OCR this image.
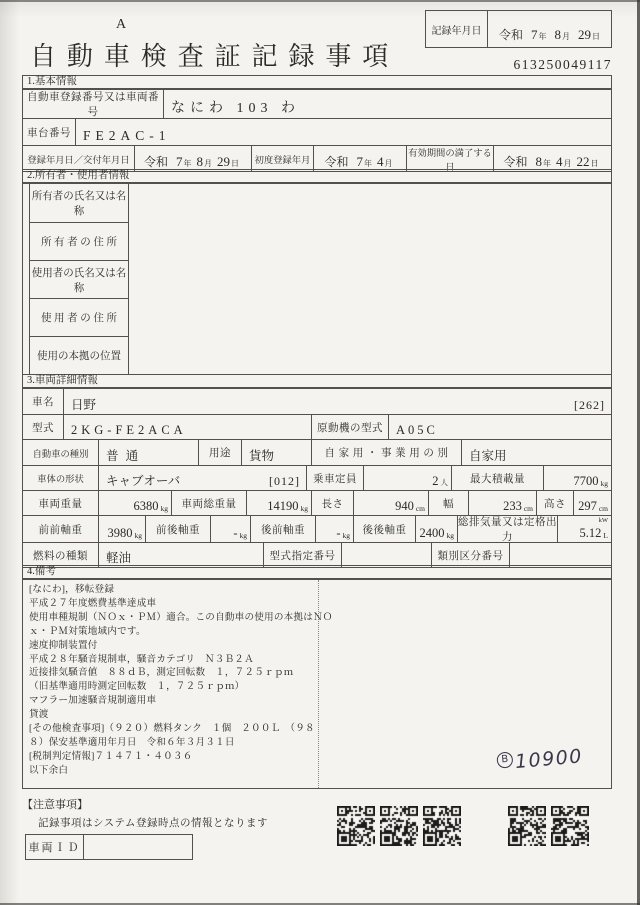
A
自動車検査証記録事項
記録年月日	令和 7 年 8 月 29 日
613250049117
1.基本情報
自動車登録番号又は車両番号	なにわ 103 わ
車台番号 FE2AC-1
登録年月日／交付年月日	令和 7 年 8 月 29 日	初度登録年月 令和 7 年 4 月
有効期間の満了する日	令和 8 年 4 月 22 日
2.所有者・使用者情報
所有者の氏名又は名称
所 有 者 の 住 所
使用者の氏名又は名称
使 用 者 の 住 所
使用の本拠の位置
3.車両詳細情報
車名	日野	[262]
型式	2KG-FE2ACA	原動機の型式	A05C
自動車の種別	普 通	用途	貨物	自 家 用 ・ 事 業 用 の 別	自家用
車体の形状	キャブオーバ	[012]	乗車定員	2 人	最大積載量	7700 kg
車両重量	6380 kg	車両総重量	14190 kg	長さ	940 cm	幅	233 cm	高さ 297 cm
前前軸重	3980 kg	前後軸重	- kg	後前軸重	- kg	後後軸重	2400 kg
総排気量又は定格出力
kW
5.12 L
燃料の種類	軽油	型式指定番号	類別区分番号
4.備考
[なにわ]，移転登録
平成２７年度燃費基準達成車
使用車種規制（ＮＯｘ・ＰＭ）適合。この自動車の使用の本拠はＮＯ
ｘ・ＰＭ対策地域内です。
速度抑制装置付
平成２８年騒音規制車，騒音カテゴリ　Ｎ３Ｂ２Ａ
近接排気騒音値　８８ｄＢ，測定回転数　１，７２５ｒｐｍ
（旧基準適用時測定回転数　１，７２５ｒｐｍ）
マフラー加速騒音規制適用車
貸渡
[その他検査事項]（９２０）燃料タンク　１個　２００Ｌ　（９８
８）保安基準適用年月日　令和６年３月３１日
[税制判定情報]７１４７１・４０３６
以下余白
B 10900
【注意事項】
記録事項はシステム登録時点の情報となります
車両ＩＤ
